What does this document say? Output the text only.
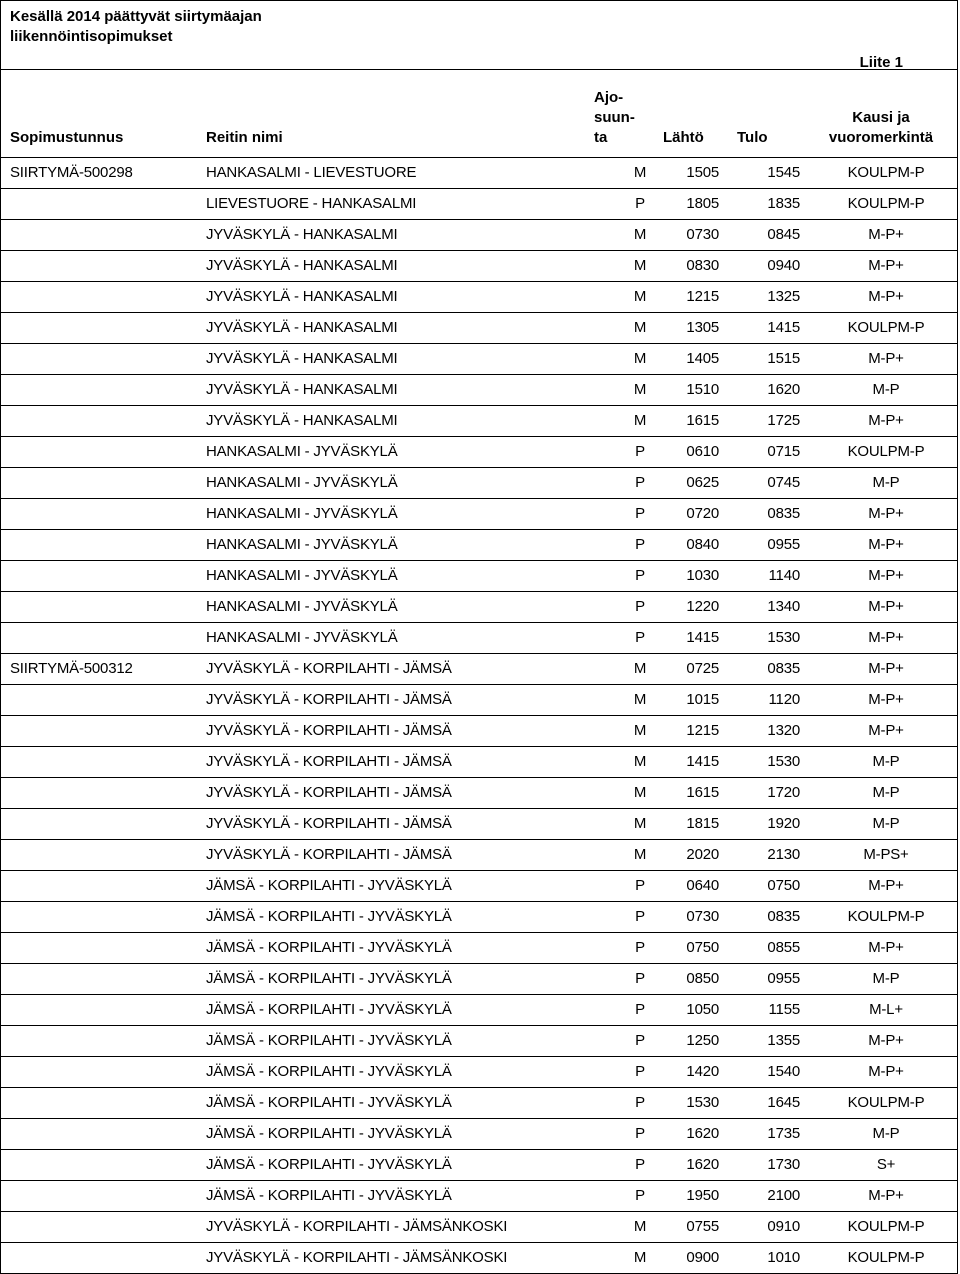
Kesällä 2014 päättyvät siirtymäajan liikennöintisopimukset
Liite 1
Sopimustunnus	Reitin nimi
Ajo-
suun-
ta	Lähtö Tulo
Kausi ja
vuoromerkintä
SIIRTYMÄ-500298	HANKASALMI - LIEVESTUORE	M	1505	1545	KOULPM-P
LIEVESTUORE - HANKASALMI	P	1805	1835	KOULPM-P
JYVÄSKYLÄ - HANKASALMI	M	0730	0845	M-P+
JYVÄSKYLÄ - HANKASALMI	M	0830	0940	M-P+
JYVÄSKYLÄ - HANKASALMI	M	1215	1325	M-P+
JYVÄSKYLÄ - HANKASALMI	M	1305	1415	KOULPM-P
JYVÄSKYLÄ - HANKASALMI	M	1405	1515	M-P+
JYVÄSKYLÄ - HANKASALMI	M	1510	1620	M-P
JYVÄSKYLÄ - HANKASALMI	M	1615	1725	M-P+
HANKASALMI - JYVÄSKYLÄ	P	0610	0715	KOULPM-P
HANKASALMI - JYVÄSKYLÄ	P	0625	0745	M-P
HANKASALMI - JYVÄSKYLÄ	P	0720	0835	M-P+
HANKASALMI - JYVÄSKYLÄ	P	0840	0955	M-P+
HANKASALMI - JYVÄSKYLÄ	P	1030	1140	M-P+
HANKASALMI - JYVÄSKYLÄ	P	1220	1340	M-P+
HANKASALMI - JYVÄSKYLÄ	P	1415	1530	M-P+
SIIRTYMÄ-500312	JYVÄSKYLÄ - KORPILAHTI - JÄMSÄ	M	0725	0835	M-P+
JYVÄSKYLÄ - KORPILAHTI - JÄMSÄ	M	1015	1120	M-P+
JYVÄSKYLÄ - KORPILAHTI - JÄMSÄ	M	1215	1320	M-P+
JYVÄSKYLÄ - KORPILAHTI - JÄMSÄ	M	1415	1530	M-P
JYVÄSKYLÄ - KORPILAHTI - JÄMSÄ	M	1615	1720	M-P
JYVÄSKYLÄ - KORPILAHTI - JÄMSÄ	M	1815	1920	M-P
JYVÄSKYLÄ - KORPILAHTI - JÄMSÄ	M	2020	2130	M-PS+
JÄMSÄ - KORPILAHTI - JYVÄSKYLÄ	P	0640	0750	M-P+
JÄMSÄ - KORPILAHTI - JYVÄSKYLÄ	P	0730	0835	KOULPM-P
JÄMSÄ - KORPILAHTI - JYVÄSKYLÄ	P	0750	0855	M-P+
JÄMSÄ - KORPILAHTI - JYVÄSKYLÄ	P	0850	0955	M-P
JÄMSÄ - KORPILAHTI - JYVÄSKYLÄ	P	1050	1155	M-L+
JÄMSÄ - KORPILAHTI - JYVÄSKYLÄ	P	1250	1355	M-P+
JÄMSÄ - KORPILAHTI - JYVÄSKYLÄ	P	1420	1540	M-P+
JÄMSÄ - KORPILAHTI - JYVÄSKYLÄ	P	1530	1645	KOULPM-P
JÄMSÄ - KORPILAHTI - JYVÄSKYLÄ	P	1620	1735	M-P
JÄMSÄ - KORPILAHTI - JYVÄSKYLÄ	P	1620	1730	S+
JÄMSÄ - KORPILAHTI - JYVÄSKYLÄ	P	1950	2100	M-P+
JYVÄSKYLÄ - KORPILAHTI - JÄMSÄNKOSKI	M	0755	0910	KOULPM-P
JYVÄSKYLÄ - KORPILAHTI - JÄMSÄNKOSKI	M	0900	1010	KOULPM-P
